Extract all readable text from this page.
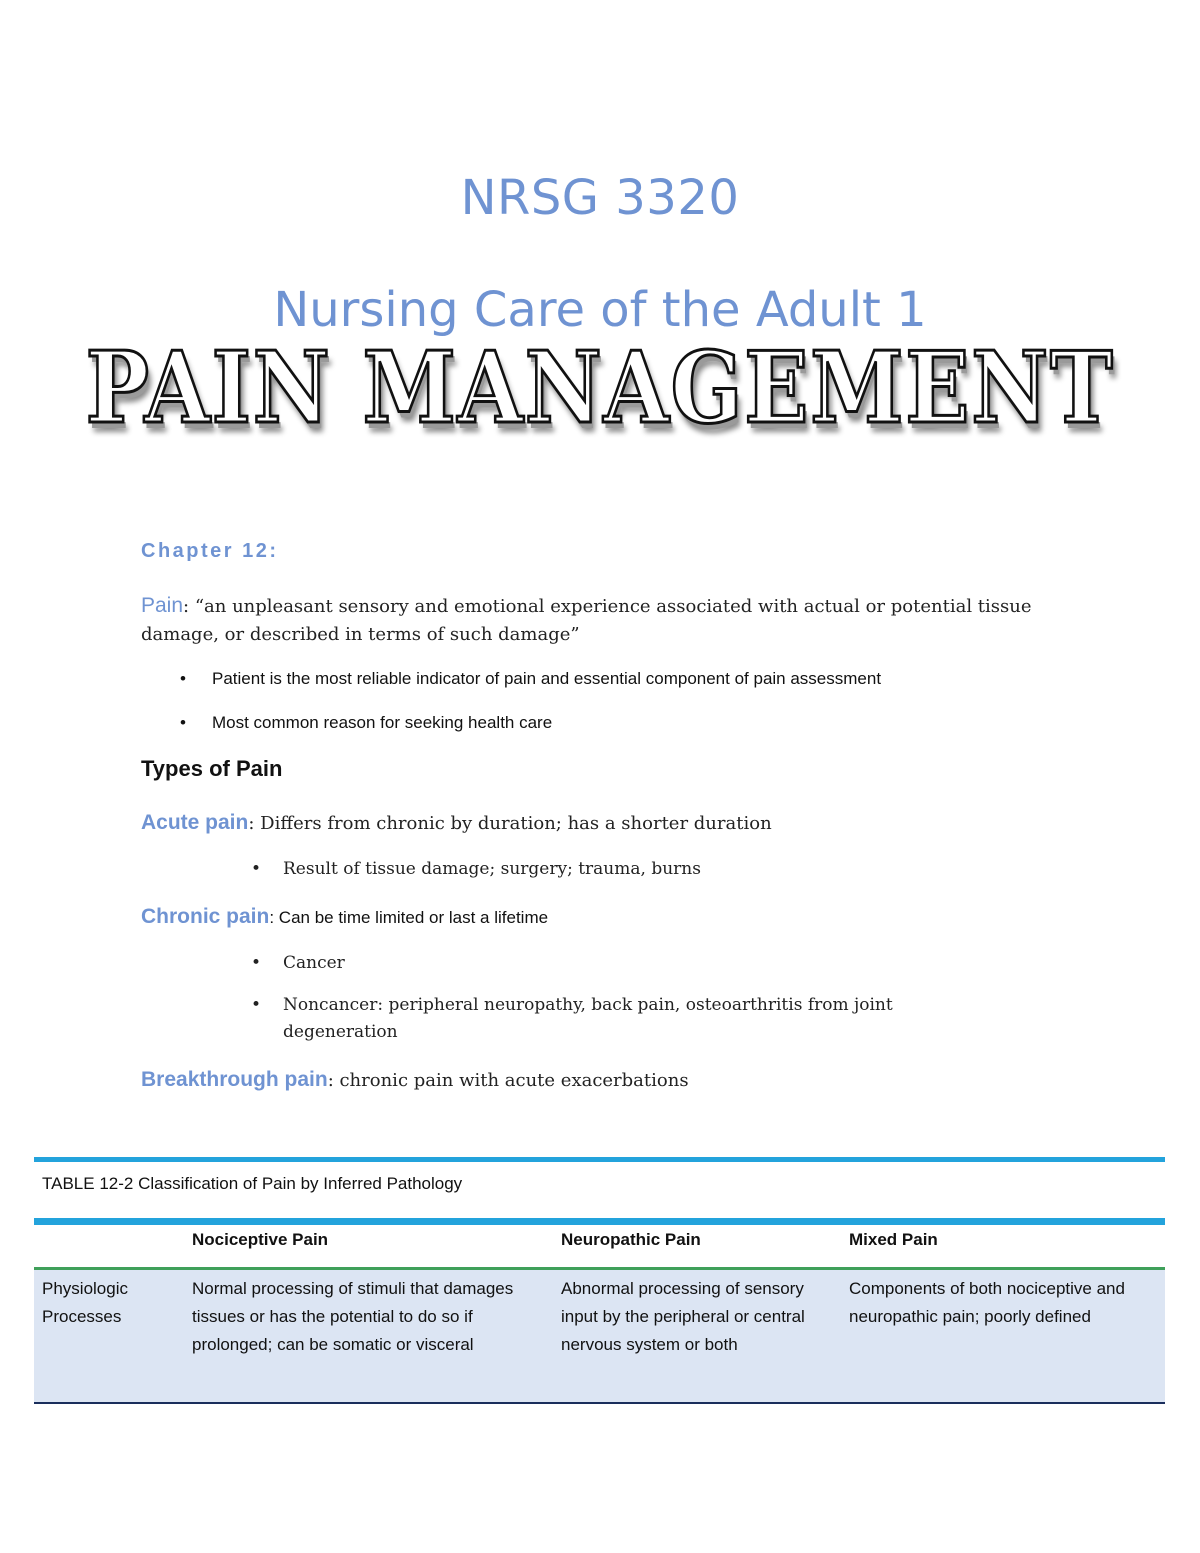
NRSG 3320
Nursing Care of the Adult 1
PAIN MANAGEMENT
Chapter 12:
Pain: “an unpleasant sensory and emotional experience associated with actual or potential tissue damage, or described in terms of such damage”
• Patient is the most reliable indicator of pain and essential component of pain assessment
• Most common reason for seeking health care
Types of Pain
Acute pain: Differs from chronic by duration; has a shorter duration
• Result of tissue damage; surgery; trauma, burns
Chronic pain: Can be time limited or last a lifetime
• Cancer
• Noncancer: peripheral neuropathy, back pain, osteoarthritis from joint degeneration
Breakthrough pain: chronic pain with acute exacerbations
TABLE 12-2 Classification of Pain by Inferred Pathology
Nociceptive Pain	Neuropathic Pain	Mixed Pain
Physiologic Processes
Normal processing of stimuli that damages tissues or has the potential to do so if prolonged; can be somatic or visceral
Abnormal processing of sensory input by the peripheral or central nervous system or both
Components of both nociceptive and neuropathic pain; poorly defined
